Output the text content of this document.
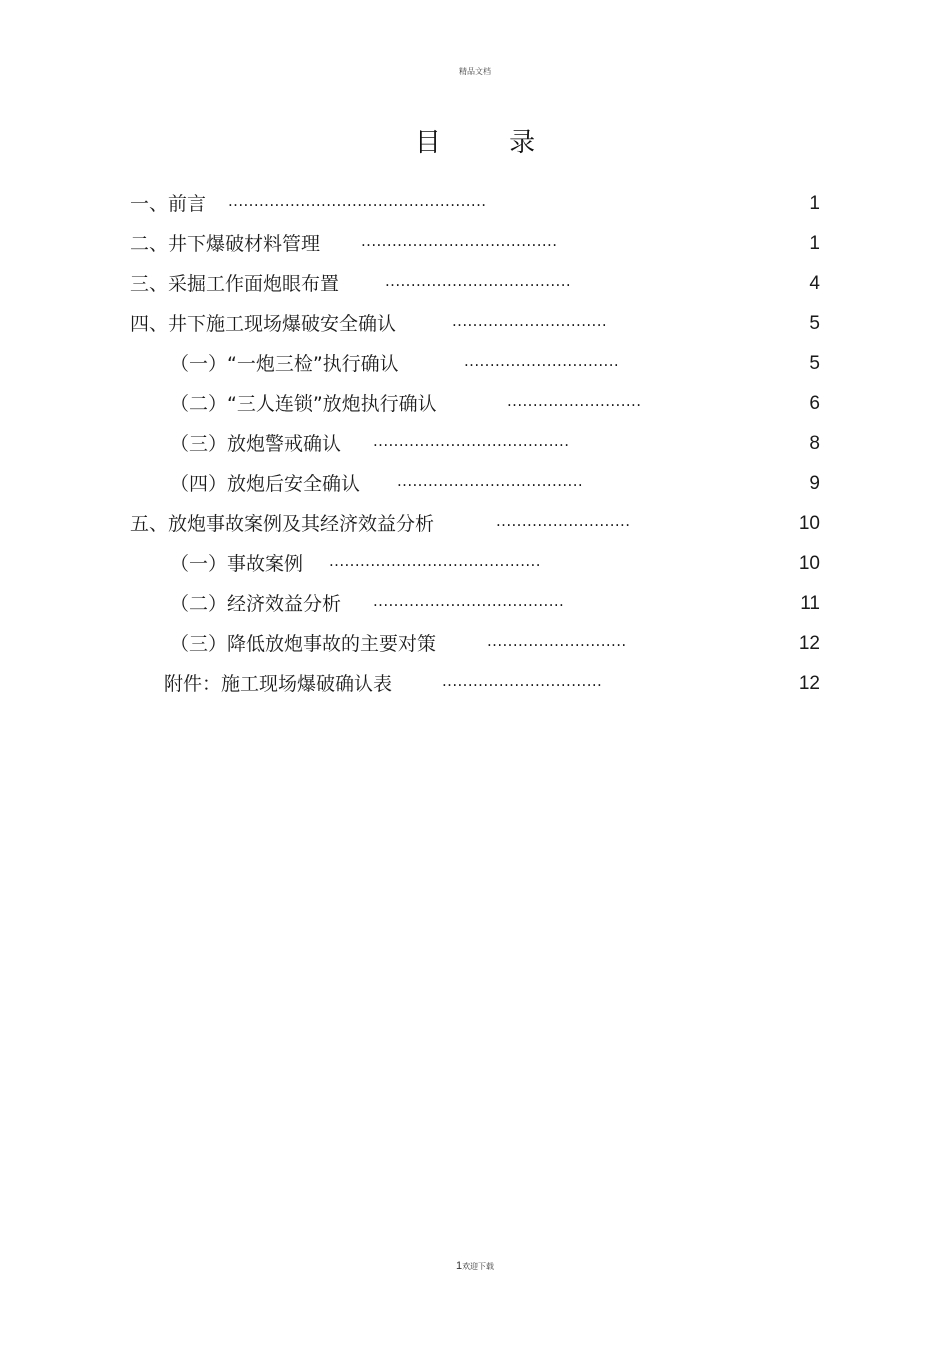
精品文档
目 录
一、前言 ..................................................	1
二、井下爆破材料管理	......................................	1
三、采掘工作面炮眼布置	....................................	4
四、井下施工现场爆破安全确认	..............................	5
（一）“一炮三检”执行确认	..............................	5
（二）“三人连锁”放炮执行确认	..........................	6
（三）放炮警戒确认 ......................................	8
（四）放炮后安全确认 ....................................	9
五、放炮事故案例及其经济效益分析	..........................	10
（一）事故案例 .........................................	10
（二）经济效益分析 .....................................	11
（三）降低放炮事故的主要对策	...........................	12
附件：施工现场爆破确认表	...............................	12
1欢迎下载
